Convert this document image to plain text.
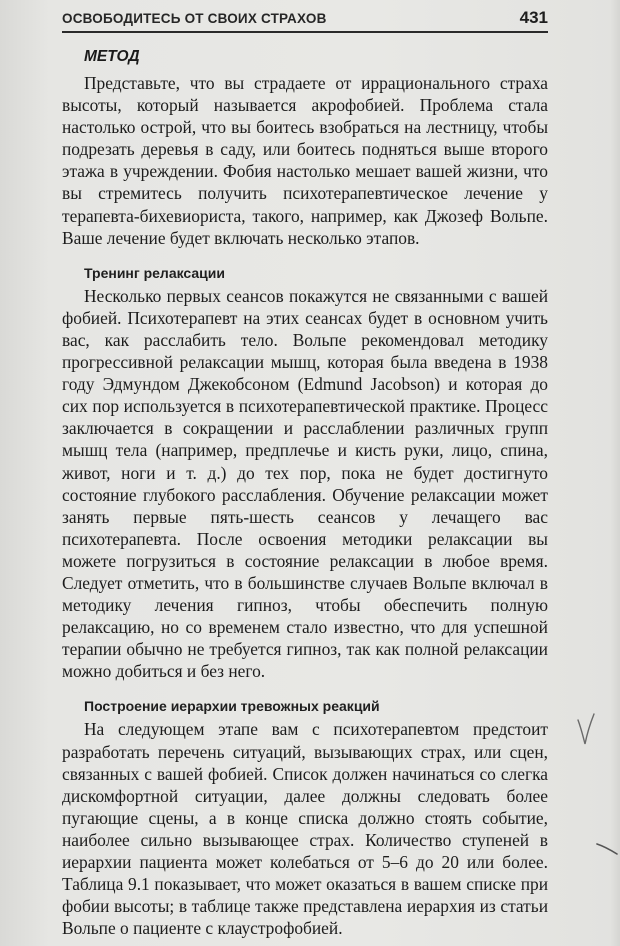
ОСВОБОДИТЕСЬ ОТ СВОИХ СТРАХОВ	431
МЕТОД

Представьте, что вы страдаете от иррационального страха высоты, который называется акрофобией. Проблема стала настолько острой, что вы боитесь взобраться на лестницу, чтобы подрезать деревья в саду, или боитесь подняться выше второго этажа в учреждении. Фобия настолько мешает вашей жизни, что вы стремитесь получить психотерапевтическое лечение у терапевта-бихевиориста, такого, например, как Джозеф Вольпе. Ваше лечение будет включать несколько этапов.

Тренинг релаксации

Несколько первых сеансов покажутся не связанными с вашей фобией. Психотерапевт на этих сеансах будет в основном учить вас, как расслабить тело. Вольпе рекомендовал методику прогрессивной релаксации мышц, которая была введена в 1938 году Эдмундом Джекобсоном (Edmund Jacobson) и которая до сих пор используется в психотерапевтической практике. Процесс заключается в сокращении и расслаблении различных групп мышц тела (например, предплечье и кисть руки, лицо, спина, живот, ноги и т. д.) до тех пор, пока не будет достигнуто состояние глубокого расслабления. Обучение релаксации может занять первые пять-шесть сеансов у лечащего вас психотерапевта. После освоения методики релаксации вы можете погрузиться в состояние релаксации в любое время. Следует отметить, что в большинстве случаев Вольпе включал в методику лечения гипноз, чтобы обеспечить полную релаксацию, но со временем стало известно, что для успешной терапии обычно не требуется гипноз, так как полной релаксации можно добиться и без него.

Построение иерархии тревожных реакций

На следующем этапе вам с психотерапевтом предстоит разработать перечень ситуаций, вызывающих страх, или сцен, связанных с вашей фобией. Список должен начинаться со слегка дискомфортной ситуации, далее должны следовать более пугающие сцены, а в конце списка должно стоять событие, наиболее сильно вызывающее страх. Количество ступеней в иерархии пациента может колебаться от 5–6 до 20 или более. Таблица 9.1 показывает, что может оказаться в вашем списке при фобии высоты; в таблице также представлена иерархия из статьи Вольпе о пациенте с клаустрофобией.
